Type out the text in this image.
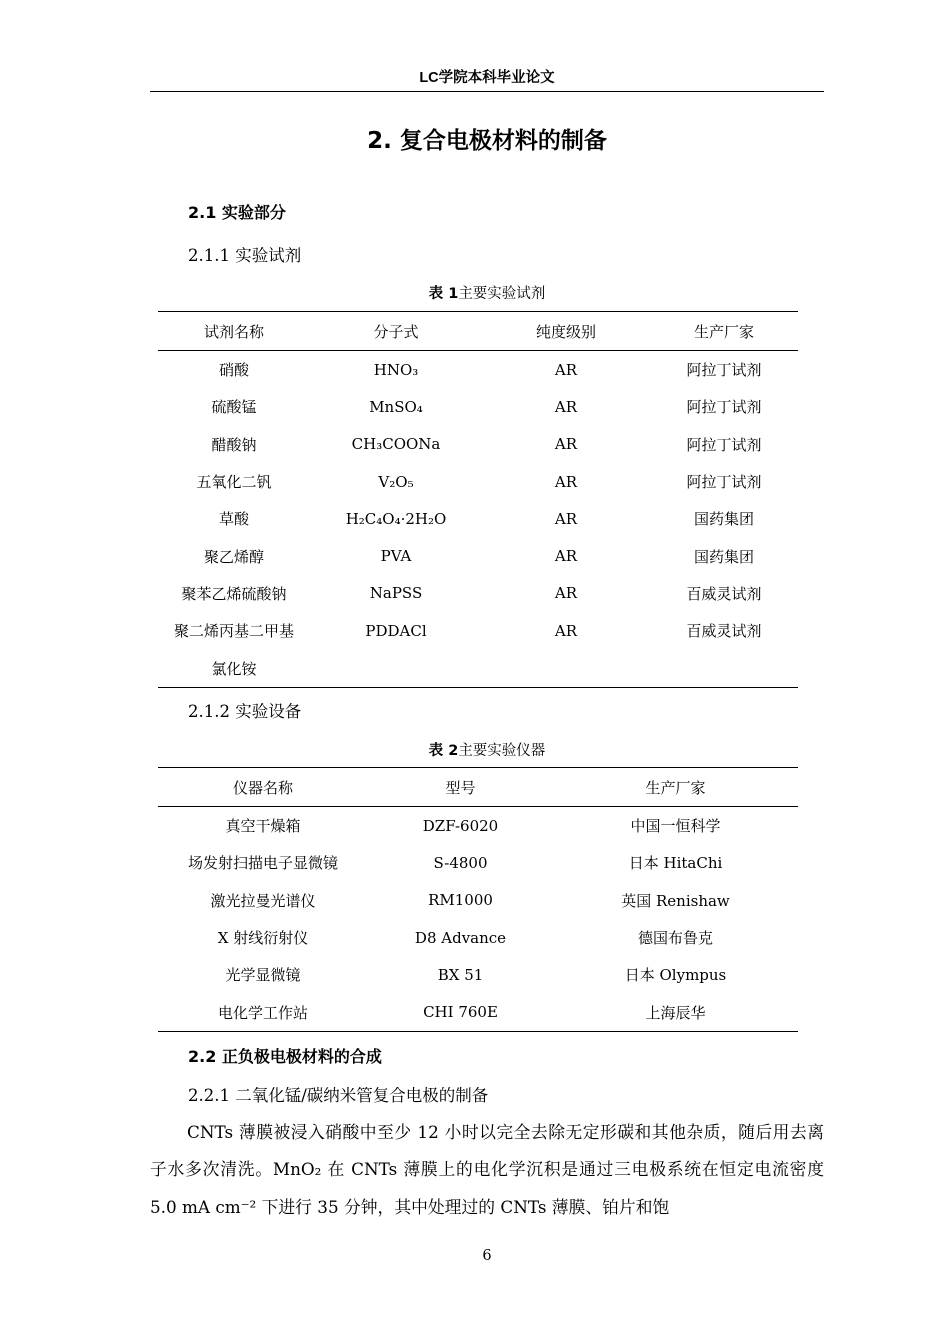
LC学院本科毕业论文
2. 复合电极材料的制备
2.1 实验部分
2.1.1 实验试剂
表 1主要实验试剂
试剂名称	分子式	纯度级别	生产厂家
硝酸	HNO₃	AR	阿拉丁试剂
硫酸锰	MnSO₄	AR	阿拉丁试剂
醋酸钠	CH₃COONa	AR	阿拉丁试剂
五氧化二钒	V₂O₅	AR	阿拉丁试剂
草酸	H₂C₄O₄·2H₂O	AR	国药集团
聚乙烯醇	PVA	AR	国药集团
聚苯乙烯硫酸钠	NaPSS	AR	百威灵试剂
聚二烯丙基二甲基	PDDACl	AR	百威灵试剂
氯化铵			
2.1.2 实验设备
表 2主要实验仪器
仪器名称	型号	生产厂家
真空干燥箱	DZF-6020	中国一恒科学
场发射扫描电子显微镜	S-4800	日本 HitaChi
激光拉曼光谱仪	RM1000	英国 Renishaw
X 射线衍射仪	D8 Advance	德国布鲁克
光学显微镜	BX 51	日本 Olympus
电化学工作站	CHI 760E	上海辰华
2.2 正负极电极材料的合成
2.2.1 二氧化锰/碳纳米管复合电极的制备
CNTs 薄膜被浸入硝酸中至少 12 小时以完全去除无定形碳和其他杂质，随后用去离子水多次清洗。MnO₂ 在 CNTs 薄膜上的电化学沉积是通过三电极系统在恒定电流密度 5.0 mA cm⁻² 下进行 35 分钟，其中处理过的 CNTs 薄膜、铂片和饱
6
